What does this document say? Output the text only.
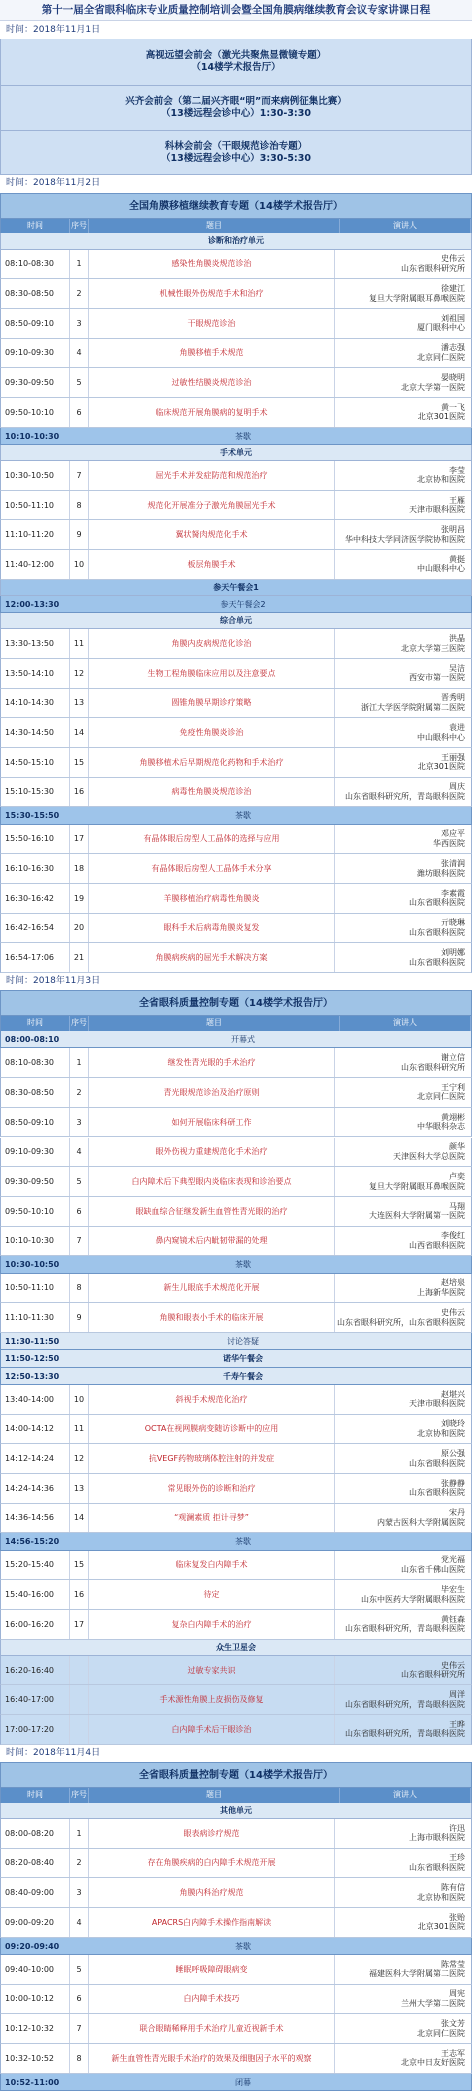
第十一届全省眼科临床专业质量控制培训会暨全国角膜病继续教育会议专家讲课日程
时间：2018年11月1日
高视远望会前会（激光共聚焦显微镜专题）
（14楼学术报告厅）
兴齐会前会（第二届兴齐眼“明”而来病例征集比赛）
（13楼远程会诊中心）1:30-3:30
科林会前会（干眼规范诊治专题）
（13楼远程会诊中心）3:30-5:30
时间：2018年11月2日
全国角膜移植继续教育专题（14楼学术报告厅）
时间	序号	题目	演讲人
诊断和治疗单元
08:10-08:30	1	感染性角膜炎规范诊治
史伟云
山东省眼科研究所
08:30-08:50	2	机械性眼外伤规范手术和治疗
徐建江
复旦大学附属眼耳鼻喉医院
08:50-09:10	3	干眼规范诊治
刘祖国
厦门眼科中心
09:10-09:30	4	角膜移植手术规范
潘志强
北京同仁医院
09:30-09:50	5	过敏性结膜炎规范诊治
晏晓明
北京大学第一医院
09:50-10:10	6	临床规范开展角膜病的复明手术
黄一飞
北京301医院
10:10-10:30	茶歇
手术单元
10:30-10:50	7	屈光手术并发症防范和规范治疗
李莹
北京协和医院
10:50-11:10	8	规范化开展准分子激光角膜屈光手术
王雁
天津市眼科医院
11:10-11:20	9	翼状胬肉规范化手术
张明昌
华中科技大学同济医学院协和医院
11:40-12:00	10	板层角膜手术
黄挺
中山眼科中心
参天午餐会1
12:00-13:30	参天午餐会2
综合单元
13:30-13:50	11	角膜内皮病规范化诊治
洪晶
北京大学第三医院
13:50-14:10	12	生物工程角膜临床应用以及注意要点
吴洁
西安市第一医院
14:10-14:30	13	圆锥角膜早期诊疗策略
晋秀明
浙江大学医学院附属第二医院
14:30-14:50	14	免疫性角膜炎诊治
袁进
中山眼科中心
14:50-15:10	15	角膜移植术后早期规范化药物和手术治疗
王丽强
北京301医院
15:10-15:30	16	病毒性角膜炎规范诊治
周庆
山东省眼科研究所，青岛眼科医院
15:30-15:50	茶歇
15:50-16:10	17	有晶体眼后房型人工晶体的选择与应用
邓应平
华西医院
16:10-16:30	18	有晶体眼后房型人工晶体手术分享
张清润
潍坊眼科医院
16:30-16:42	19	羊膜移植治疗病毒性角膜炎
李素霞
山东省眼科医院
16:42-16:54	20	眼科手术后病毒角膜炎复发
亓晓琳
山东省眼科医院
16:54-17:06	21	角膜病疾病的屈光手术解决方案
刘明娜
山东省眼科医院
时间：2018年11月3日
全省眼科质量控制专题（14楼学术报告厅）
时间	序号	题目	演讲人
08:00-08:10	开幕式
08:10-08:30	1	继发性青光眼的手术治疗
谢立信
山东省眼科研究所
08:30-08:50	2	青光眼规范诊治及治疗原则
王宁利
北京同仁医院
08:50-09:10	3	如何开展临床科研工作
黄翊彬
中华眼科杂志
09:10-09:30	4	眼外伤视力重建规范化手术治疗
颜华
天津医科大学总医院
09:30-09:50	5	白内障术后下典型眼内炎临床表现和诊治要点
卢奕
复旦大学附属眼耳鼻喉医院
09:50-10:10	6	眼缺血综合征继发新生血管性青光眼的治疗
马翔
大连医科大学附属第一医院
10:10-10:30	7	鼻内窥镜术后内眦韧带漏的处理
李俊红
山西省眼科医院
10:30-10:50	茶歇
10:50-11:10	8	新生儿眼底手术规范化开展
赵培泉
上海新华医院
11:10-11:30	9	角膜和眼表小手术的临床开展
史伟云
山东省眼科研究所，山东省眼科医院
11:30-11:50	讨论答疑
11:50-12:50	诺华午餐会
12:50-13:30	千寿午餐会
13:40-14:00	10	斜视手术规范化治疗
赵堪兴
天津市眼科医院
14:00-14:12	11	OCTA在视网膜病变随访诊断中的应用
刘晓玲
北京协和医院
14:12-14:24	12	抗VEGF药物玻璃体腔注射的并发症
原公强
山东省眼科医院
14:24-14:36	13	常见眼外伤的诊断和治疗
张静静
山东省眼科医院
14:36-14:56	14	“观澜素质 拒计寻梦”
宋丹
内蒙古医科大学附属医院
14:56-15:20	茶歇
15:20-15:40	15	临床复发白内障手术
党光福
山东省千佛山医院
15:40-16:00	16	待定
毕宏生
山东中医药大学附属眼科医院
16:00-16:20	17	复杂白内障手术的治疗
黄钰森
山东省眼科研究所，青岛眼科医院
众生卫星会
16:20-16:40	过敏专家共识
史伟云
山东省眼科研究所
16:40-17:00	手术源性角膜上皮损伤及修复
周洋
山东省眼科研究所，青岛眼科医院
17:00-17:20	白内障手术后干眼诊治
王晔
山东省眼科研究所，青岛眼科医院
时间：2018年11月4日
全省眼科质量控制专题（14楼学术报告厅）
时间	序号	题目	演讲人
其他单元
08:00-08:20	1	眼表病诊疗规范
许迅
上海市眼科医院
08:20-08:40	2	存在角膜疾病的白内障手术规范开展
王珍
山东省眼科医院
08:40-09:00	3	角膜内科治疗规范
陈有信
北京协和医院
09:00-09:20	4	APACRS白内障手术操作指南解读
张贻
北京301医院
09:20-09:40	茶歇
09:40-10:00	5	睡眠呼吸障碍眼病变
陈常莹
福建医科大学附属第二医院
10:00-10:12	6	白内障手术技巧
周宪
兰州大学第二医院
10:12-10:32	7	联合眼睛稀释用手术治疗儿童近视新手术
张文芳
北京同仁医院
10:32-10:52	8	新生血管性青光眼手术治疗的效果及细胞因子水平的观察
王志军
北京中日友好医院
10:52-11:00	闭幕
